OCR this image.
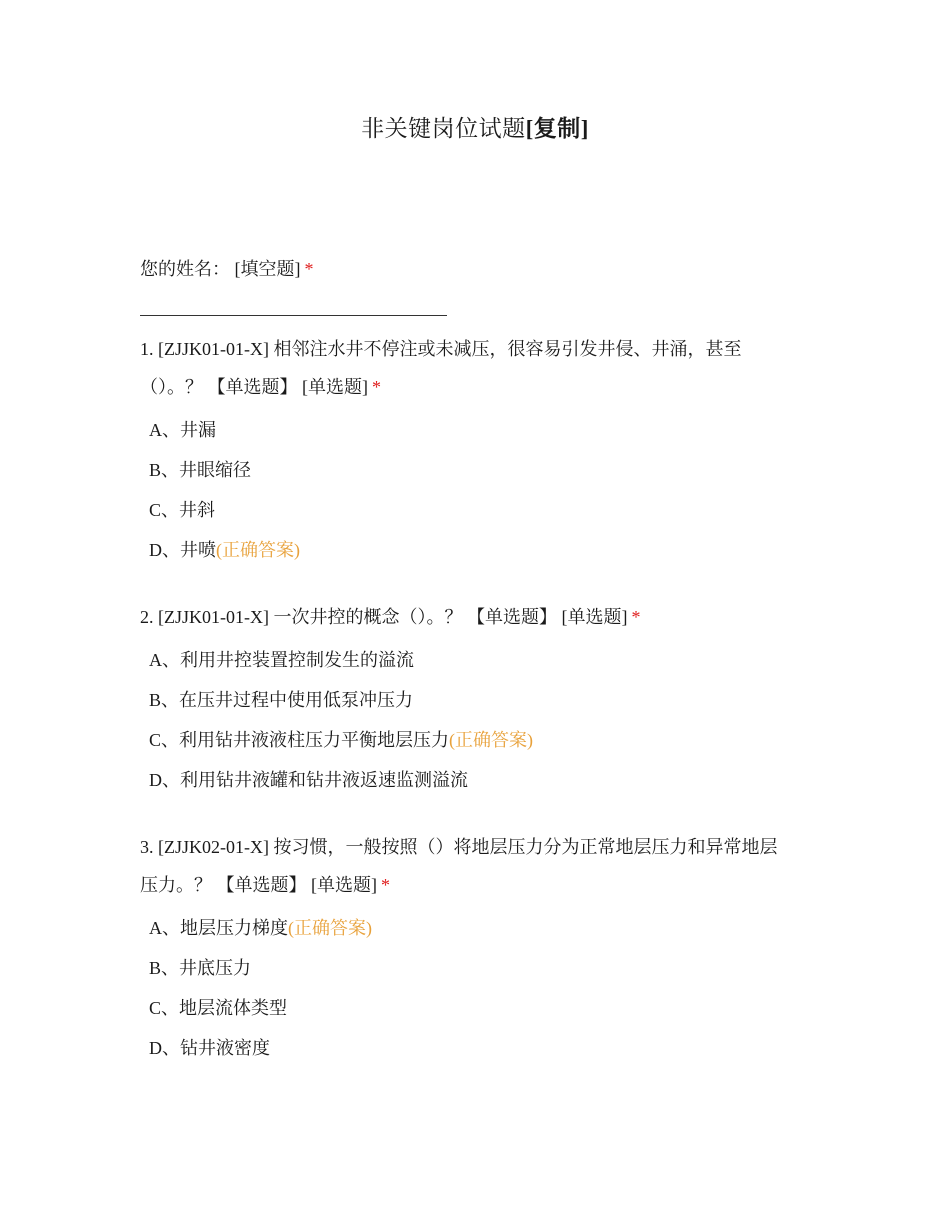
非关键岗位试题[复制]
您的姓名： [填空题] *
1. [ZJJK01-01-X] 相邻注水井不停注或未减压，很容易引发井侵、井涌，甚至
（）。？ 【单选题】 [单选题] *
A、井漏
B、井眼缩径
C、井斜
D、井喷(正确答案)
2. [ZJJK01-01-X] 一次井控的概念（）。？ 【单选题】 [单选题] *
A、利用井控装置控制发生的溢流
B、在压井过程中使用低泵冲压力
C、利用钻井液液柱压力平衡地层压力(正确答案)
D、利用钻井液罐和钻井液返速监测溢流
3. [ZJJK02-01-X] 按习惯，一般按照（）将地层压力分为正常地层压力和异常地层
压力。？ 【单选题】 [单选题] *
A、地层压力梯度(正确答案)
B、井底压力
C、地层流体类型
D、钻井液密度
